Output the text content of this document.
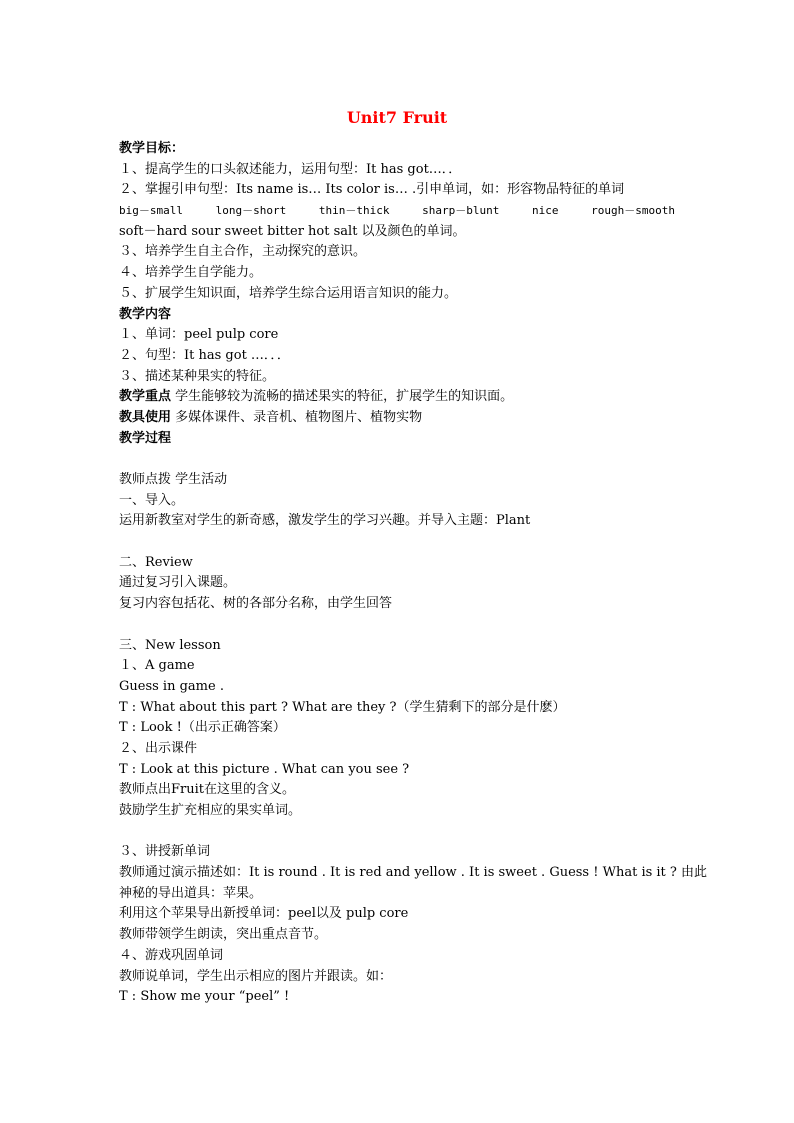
Unit7 Fruit
教学目标：
１、提高学生的口头叙述能力，运用句型：It has got…．．
２、掌握引申句型：Its name is… Its color is… .引申单词，如：形容物品特征的单词
big－small	long－short	thin－thick	sharp－blunt	nice	rough－smooth
soft－hard sour sweet bitter hot salt 以及颜色的单词。
３、培养学生自主合作，主动探究的意识。
４、培养学生自学能力。
５、扩展学生知识面，培养学生综合运用语言知识的能力。
教学内容
１、单词：peel pulp core
２、句型：It has got …．．．
３、描述某种果实的特征。
教学重点 学生能够较为流畅的描述果实的特征，扩展学生的知识面。
教具使用 多媒体课件、录音机、植物图片、植物实物
教学过程
教师点拨 学生活动
一、导入。
运用新教室对学生的新奇感，激发学生的学习兴趣。并导入主题：Plant
二、Review
通过复习引入课题。
复习内容包括花、树的各部分名称，由学生回答
三、New lesson
１、A game
Guess in game .
T : What about this part ? What are they ?（学生猜剩下的部分是什麽）
T : Look !（出示正确答案）
２、出示课件
T : Look at this picture . What can you see ?
教师点出Fruit在这里的含义。
鼓励学生扩充相应的果实单词。
３、讲授新单词
教师通过演示描述如：It is round . It is red and yellow . It is sweet . Guess ! What is it ? 由此神秘的导出道具：苹果。
利用这个苹果导出新授单词：peel以及 pulp core
教师带领学生朗读，突出重点音节。
４、游戏巩固单词
教师说单词，学生出示相应的图片并跟读。如：
T : Show me your “peel” !
